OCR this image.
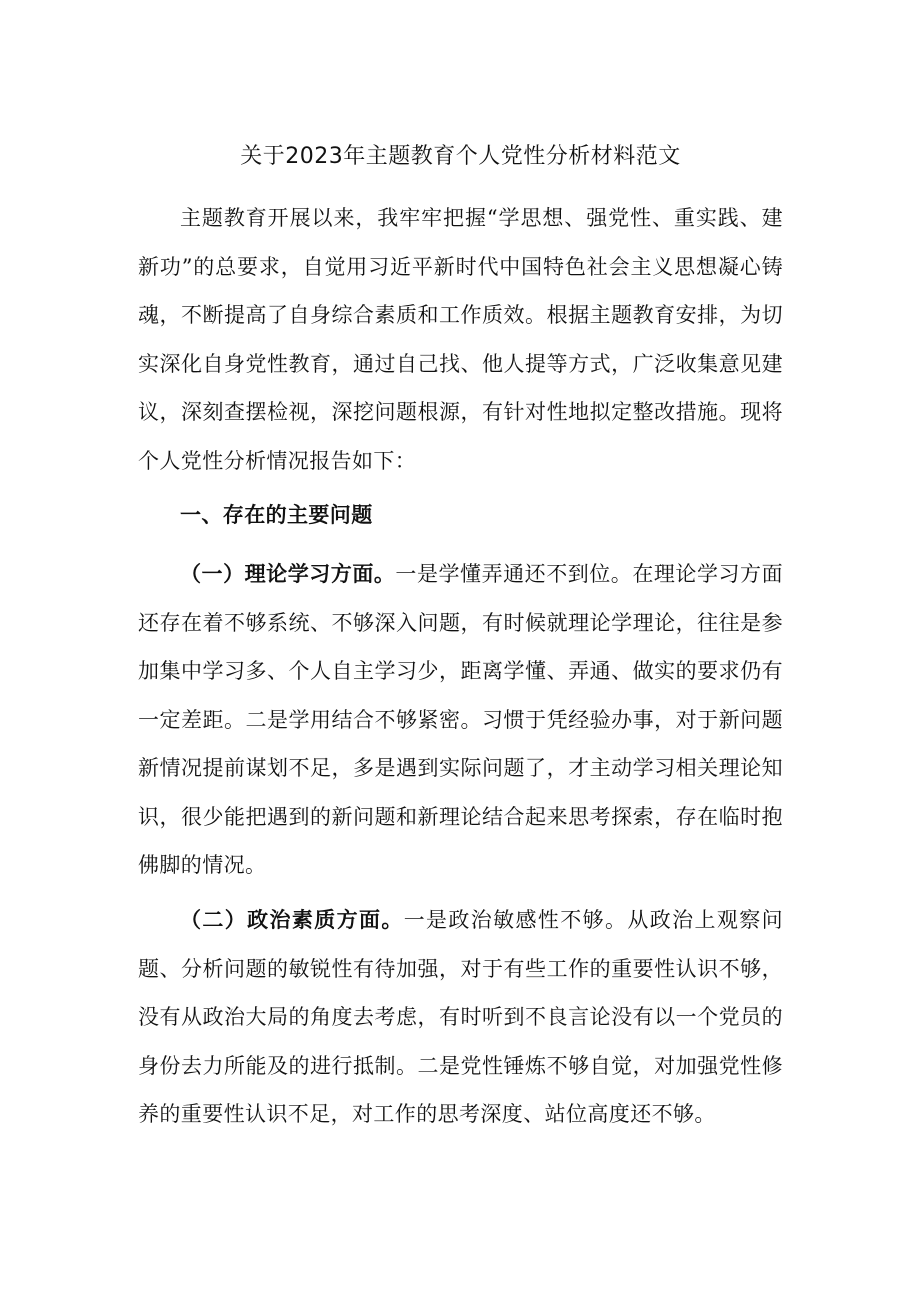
关于2023年主题教育个人党性分析材料范文

主题教育开展以来，我牢牢把握“学思想、强党性、重实践、建新功”的总要求，自觉用习近平新时代中国特色社会主义思想凝心铸魂，不断提高了自身综合素质和工作质效。根据主题教育安排，为切实深化自身党性教育，通过自己找、他人提等方式，广泛收集意见建议，深刻查摆检视，深挖问题根源，有针对性地拟定整改措施。现将个人党性分析情况报告如下：

一、存在的主要问题

（一）理论学习方面。一是学懂弄通还不到位。在理论学习方面还存在着不够系统、不够深入问题，有时候就理论学理论，往往是参加集中学习多、个人自主学习少，距离学懂、弄通、做实的要求仍有一定差距。二是学用结合不够紧密。习惯于凭经验办事，对于新问题新情况提前谋划不足，多是遇到实际问题了，才主动学习相关理论知识，很少能把遇到的新问题和新理论结合起来思考探索，存在临时抱佛脚的情况。

（二）政治素质方面。一是政治敏感性不够。从政治上观察问题、分析问题的敏锐性有待加强，对于有些工作的重要性认识不够，没有从政治大局的角度去考虑，有时听到不良言论没有以一个党员的身份去力所能及的进行抵制。二是党性锤炼不够自觉，对加强党性修养的重要性认识不足，对工作的思考深度、站位高度还不够。
